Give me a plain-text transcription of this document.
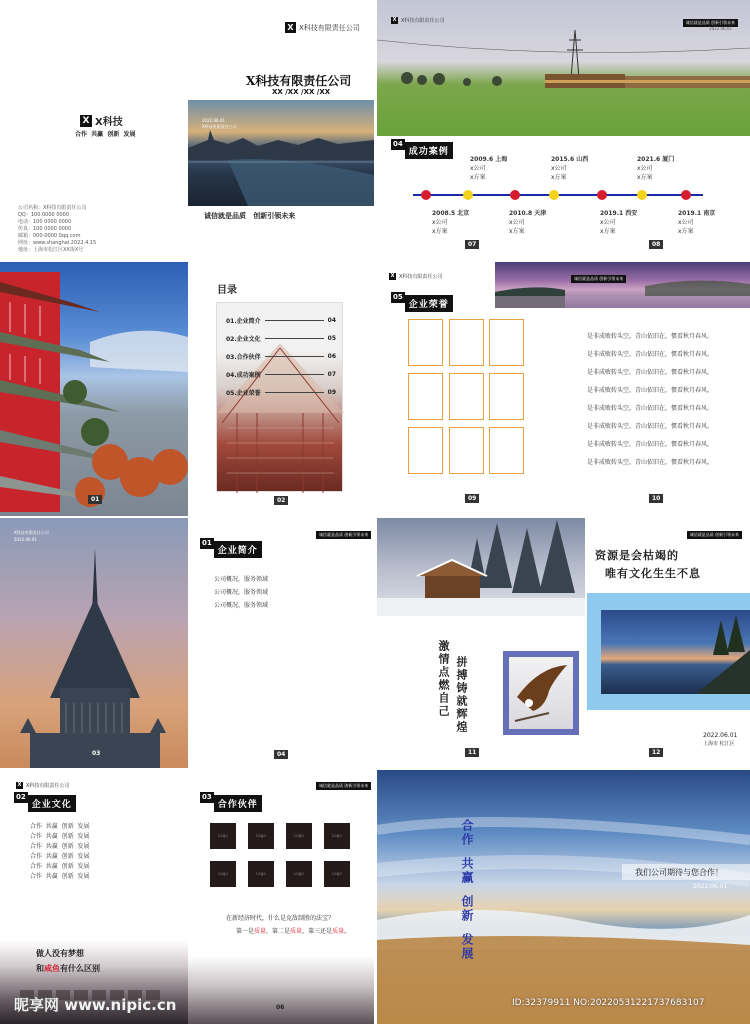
X X科技有限责任公司
X科技有限责任公司
XX /XX /XX /XX
X X科技
合作  共赢  创新  发展
2022.06.01
X科技有限责任公司
诚信就是品质   创新引领未来
公司名称：X科技有限责任公司
QQ：100 0000 0000
电话：100 0000 0000
传真：100 0000 0000
邮箱：000-0000 0qq.com
网址：www.shanghai.2022.4.15
地址：上海市松江区XX街X号
X X科技有限责任公司	诚信就是品质 创新引领未来
2022.06.01
04
成功案例
2009.6 上海
x公司
x方案
2015.6 山西
x公司
x方案
2021.6 厦门
x公司
x方案
2008.5 北京
x公司
x方案
2010.8 天津
x公司
x方案
2019.1 西安
x公司
x方案
2019.1 南京
x公司
x方案
07	08
01
目录
01.企业简介	04
02.企业文化	05
03.合作伙伴	06
04.成功案例	07
05.企业荣誉	09
02
X X科技有限责任公司	诚信就是品质 创新引领未来
05
企业荣誉
是非成败转头空，青山依旧在，惯看秋月春风。
是非成败转头空，青山依旧在，惯看秋月春风。
是非成败转头空，青山依旧在，惯看秋月春风。
是非成败转头空，青山依旧在，惯看秋月春风。
是非成败转头空，青山依旧在，惯看秋月春风。
是非成败转头空，青山依旧在，惯看秋月春风。
是非成败转头空，青山依旧在，惯看秋月春风。
是非成败转头空，青山依旧在，惯看秋月春风。
09	10
X科技有限责任公司
2022.06.01
03
诚信就是品质 创新引领未来
01
企业简介
公司概况，服务领域
公司概况，服务领域
公司概况，服务领域
04
诚信就是品质 创新引领未来
资源是会枯竭的
唯有文化生生不息
激情点燃自己 拼搏铸就辉煌
2022.06.01
上海市 松江区
11	12
X X科技有限责任公司
02
企业文化
合作  共赢  创新  发展
合作  共赢  创新  发展
合作  共赢  创新  发展
合作  共赢  创新  发展
合作  共赢  创新  发展
合作  共赢  创新  发展
做人没有梦想
和咸鱼有什么区别
诚信就是品质 创新引领未来
03
合作伙伴
Logo	Logo	Logo	Logo
Logo	Logo	Logo	Logo
在新经济时代，什么是克敌制胜的法宝？
第一是质量，第二是质量，第三还是质量。
06
合作
共赢
创新
发展
我们公司期待与您合作！
2022.06.01
昵享网 www.nipic.cn	ID:32379911 NO:20220531221737683107
